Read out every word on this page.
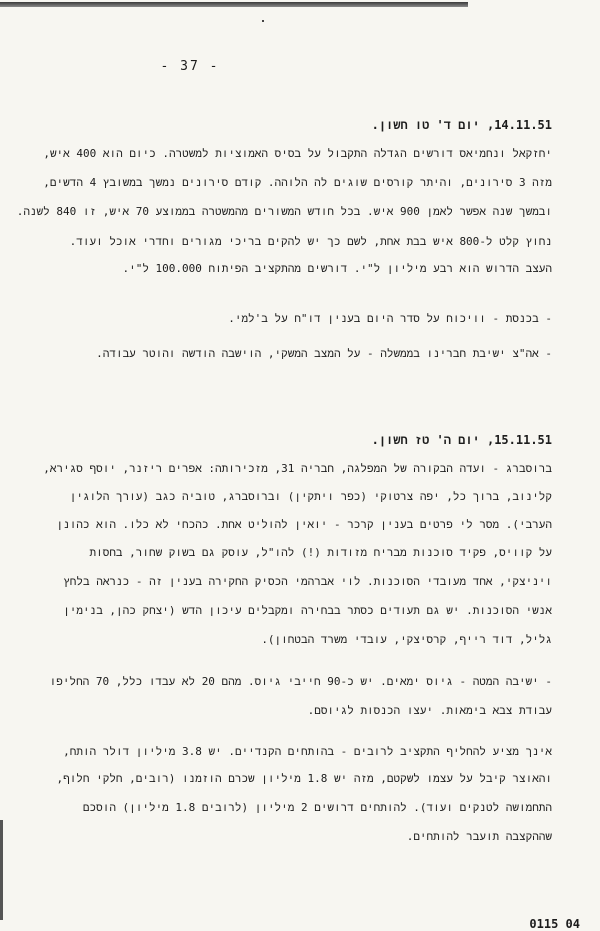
- 37 -
14.11.51, יום ד' טו חשון.
יחזקאל ונחמיאס דורשים הגדלה התקבול על בסיס האמוציות למשטרה. כיום הוא 400 איש,
מזה 3 סירונים, והיתר קורסים שוגים לה הלוהה. קודם סירונים נמשך במשובץ 4 הדשים,
ובמשך שנה אפשר לאמן 900 איש. בכל חודש המשורים מהמשטרה בממוצע 70 איש, זו 840 לשנה.
נחוץ קלט ל-800 איש בבת אחת, לשם כך יש להקים בריכי מגורים וחדרי אוכל ועוד.
העצב הדרוש הוא רבע מיליון ל"י. דורשים מהתקציב הפיתוח 100.000 ל"י.
- בכנסת - וויכוח על סדר היום בענין דו"ח על ב'למי.
- אה"צ ישיבת חברינו בממשלה - על המצב המשקי, הוישבה הודשה והוטר עבודה.
15.11.51, יום ה' טז חשון.
ברוסברג - ועדה הבקורה של המפלגה, חבריה 31, מזכירותה: אפרים ריזנר, יוסף סגירא,
קלינוב, ברוך כל, יפה צרטוקי (כפר ויתקין) וברוסברג, טוביה כגב (עורך הלוגין
הערבי). מסר לי פרטים בענין קרכר - יואין להוליט אחת. כהכחי לא כלו. הוא כהונן
על קוויס, פקיד סוכנות מבריח מזודות (!) להו"ל, עוסק גם בשוק שחור, בחסות
ויניצקי, אחד מעובדי הסוכנות. לוי אברהמי הכסיק החקירה בענין זה - כנראה בלחץ
אנשי הסוכנות. יש גם תעודים כסתר בבחירה ומקבלים עיכון הדש (יצחק כהן, בנימין
גליל, דוד רייף, קרסיצקי, עובדי משרד הבטחון).
- ישיבה המטה - גיוס ימאים. יש כ-90 חייבי גיוס. מהם 20 לא עבדו כלל, 70 החליפו
עבודת צבא בימאות. יעצו הכנסות לגיוסם.
אינך מציע להחליף התקציב לרובים - בהותחים הקנדיים. יש 3.8 מיליון דולר הותח,
והאוצר קיבל על עצמו לשקטם, מזה יש 1.8 מיליון שכרם הוזמנו (רובים, חלקי חלוף,
התחמושה לטנקים ועוד). להותחים דרושים 2 מיליון (לרובים 1.8 מיליון) הוסכם
שההקצבה תועבר להותחים.
0115 04
